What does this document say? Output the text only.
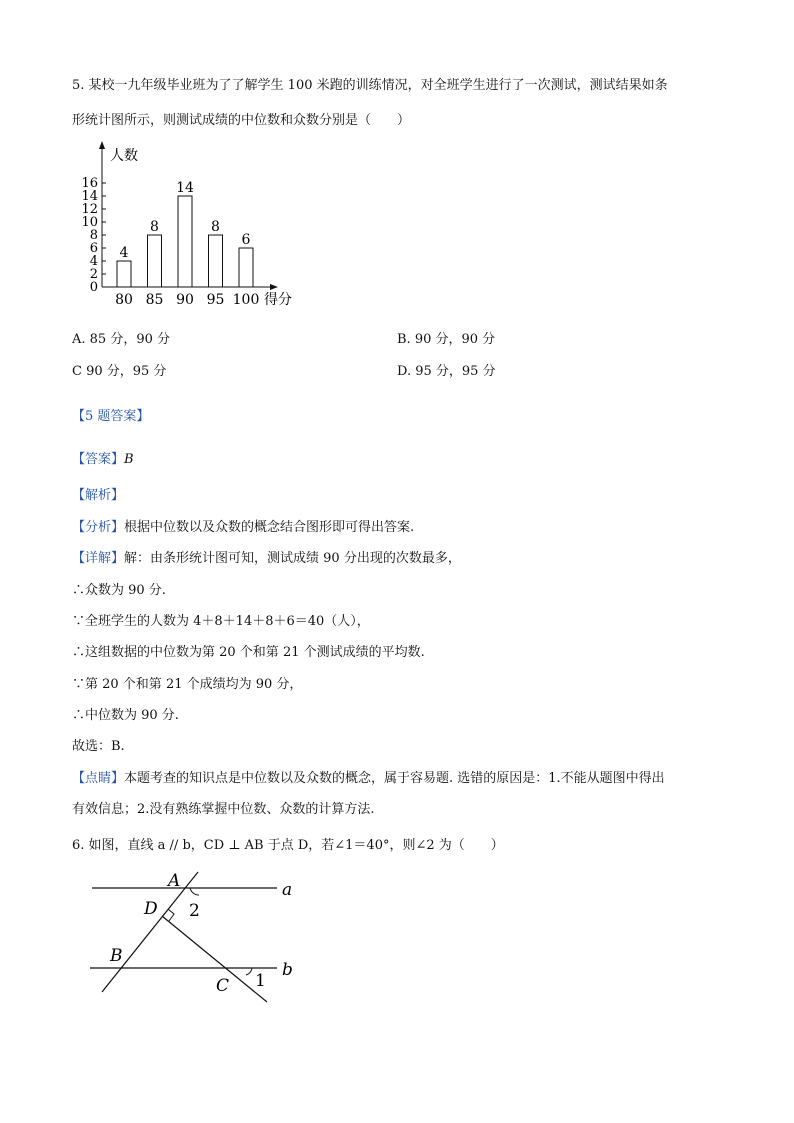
5. 某校一九年级毕业班为了了解学生 100 米跑的训练情况，对全班学生进行了一次测试，测试结果如条
形统计图所示，则测试成绩的中位数和众数分别是（　　）
0
2
4
6
8
10
12
14
16
人数
4
80
8
85
14
90
8
95
6
100 得分
A. 85 分，90 分	B. 90 分，90 分
C 90 分，95 分	D. 95 分，95 分
【5 题答案】
【答案】B
【解析】
【分析】根据中位数以及众数的概念结合图形即可得出答案.
【详解】解：由条形统计图可知，测试成绩 90 分出现的次数最多，
∴众数为 90 分.
∵全班学生的人数为 4＋8＋14＋8＋6＝40（人），
∴这组数据的中位数为第 20 个和第 21 个测试成绩的平均数.
∵第 20 个和第 21 个成绩均为 90 分，
∴中位数为 90 分.
故选：B.
【点睛】本题考查的知识点是中位数以及众数的概念，属于容易题. 选错的原因是：1.不能从题图中得出
有效信息；2.没有熟练掌握中位数、众数的计算方法.
6. 如图，直线 a // b，CD ⊥ AB 于点 D，若∠1＝40°，则∠2 为（　　）
A
D 2
a
B
b
C 1
